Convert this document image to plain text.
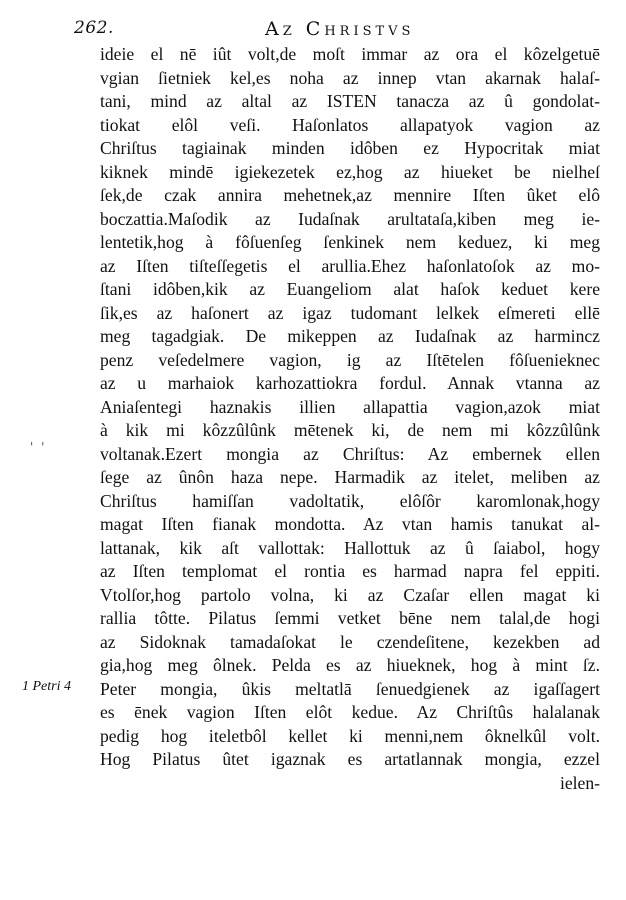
262.	Az Christvs
' '
1 Petri 4
ideie el nē iût volt,de moſt immar az ora el kôzelgetuē
vgian ſietniek kel,es noha az innep vtan akarnak halaſ-
tani, mind az altal az ISTEN tanacza az û gondolat-
tiokat elôl veſi. Haſonlatos allapatyok vagion az
Chriſtus tagiainak minden idôben ez Hypocritak miat
kiknek mindē igiekezetek ez,hog az hiueket be nielheſ
ſek,de czak annira mehetnek,az mennire Iſten ûket elô
boczattia.Maſodik az Iudaſnak arultataſa,kiben meg ie-
lentetik,hog à fôſuenſeg ſenkinek nem keduez, ki meg
az Iſten tiſteſſegetis el arullia.Ehez haſonlatoſok az mo-
ſtani idôben,kik az Euangeliom alat haſok keduet kere
ſik,es az haſonert az igaz tudomant lelkek eſmereti ellē
meg tagadgiak. De mikeppen az Iudaſnak az harmincz
penz veſedelmere vagion, ig az Iſtētelen fôſuenieknec
az u marhaiok karhozattiokra fordul. Annak vtanna az
Aniaſentegi haznakis illien allapattia vagion,azok miat
à kik mi kôzzûlûnk mētenek ki, de nem mi kôzzûlûnk
voltanak.Ezert mongia az Chriſtus: Az embernek ellen
ſege az ûnôn haza nepe. Harmadik az itelet, meliben az
Chriſtus hamiſſan vadoltatik, elôſôr karomlonak,hogy
magat Iſten fianak mondotta. Az vtan hamis tanukat al-
lattanak, kik aſt vallottak: Hallottuk az û ſaiabol, hogy
az Iſten templomat el rontia es harmad napra fel eppiti.
Vtolſor,hog partolo volna, ki az Czaſar ellen magat ki
rallia tôtte. Pilatus ſemmi vetket bēne nem talal,de hogi
az Sidoknak tamadaſokat le czendeſitene, kezekben ad
gia,hog meg ôlnek. Pelda es az hiueknek, hog à mint ſz.
Peter mongia, ûkis meltatlā ſenuedgienek az igaſſagert
es ēnek vagion Iſten elôt kedue. Az Chriſtûs halalanak
pedig hog iteletbôl kellet ki menni,nem ôknelkûl volt.
Hog Pilatus ûtet igaznak es artatlannak mongia, ezzel
ielen-
